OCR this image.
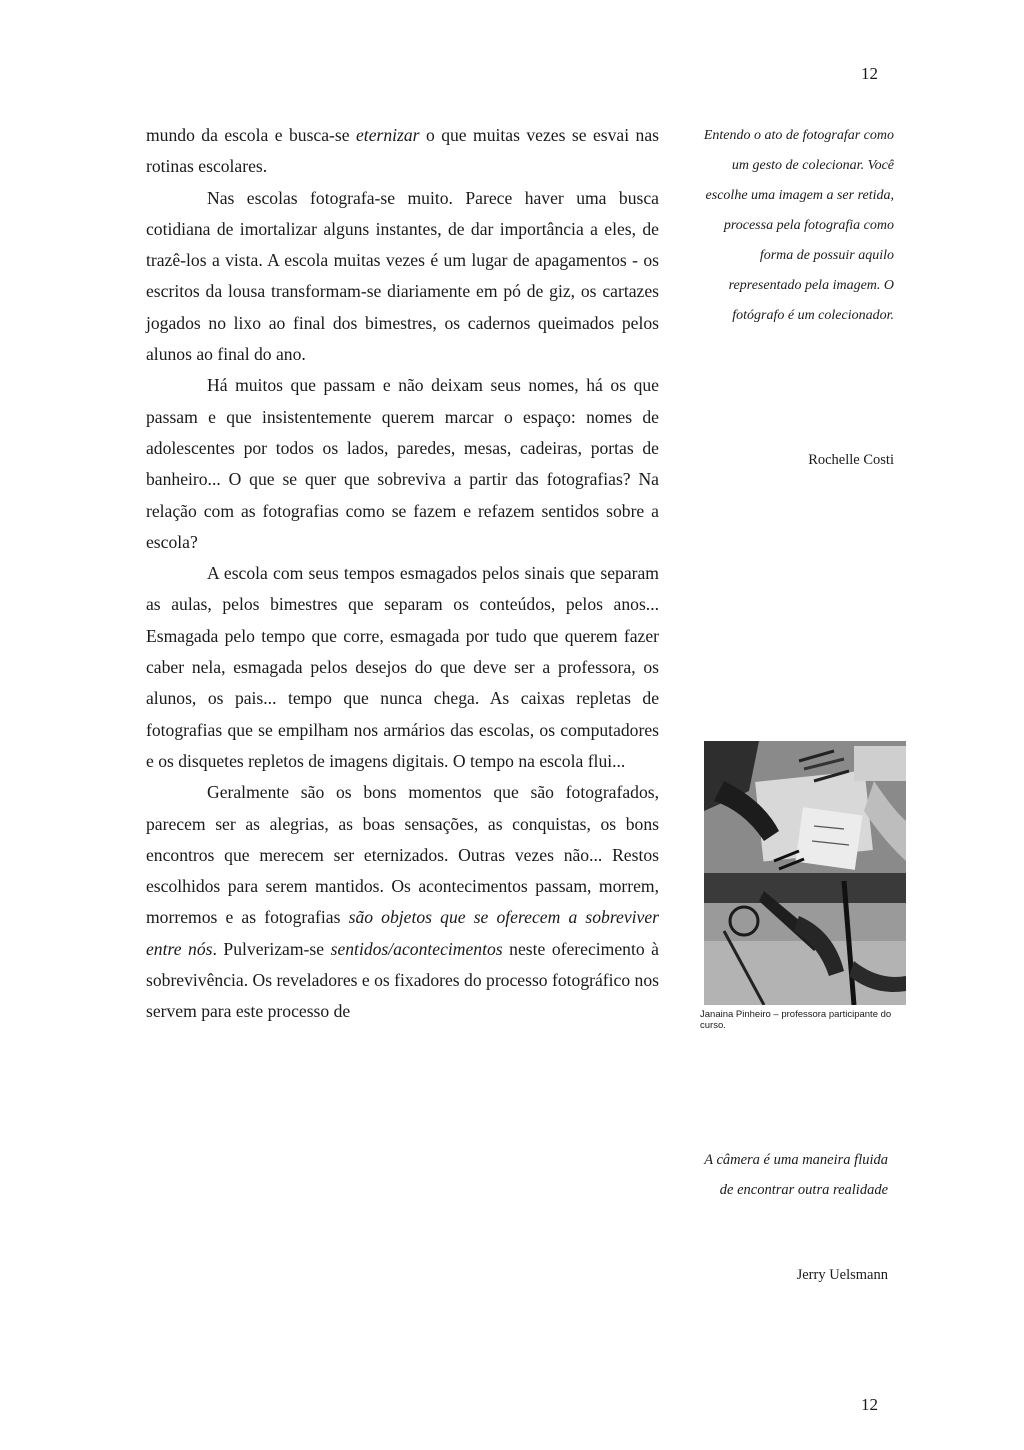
12

mundo da escola e busca-se eternizar o que muitas vezes se esvai nas rotinas escolares.

Nas escolas fotografa-se muito. Parece haver uma busca cotidiana de imortalizar alguns instantes, de dar importância a eles, de trazê-los a vista. A escola muitas vezes é um lugar de apagamentos - os escritos da lousa transformam-se diariamente em pó de giz, os cartazes jogados no lixo ao final dos bimestres, os cadernos queimados pelos alunos ao final do ano.

Há muitos que passam e não deixam seus nomes, há os que passam e que insistentemente querem marcar o espaço: nomes de adolescentes por todos os lados, paredes, mesas, cadeiras, portas de banheiro... O que se quer que sobreviva a partir das fotografias? Na relação com as fotografias como se fazem e refazem sentidos sobre a escola?

A escola com seus tempos esmagados pelos sinais que separam as aulas, pelos bimestres que separam os conteúdos, pelos anos... Esmagada pelo tempo que corre, esmagada por tudo que querem fazer caber nela, esmagada pelos desejos do que deve ser a professora, os alunos, os pais... tempo que nunca chega. As caixas repletas de fotografias que se empilham nos armários das escolas, os computadores e os disquetes repletos de imagens digitais. O tempo na escola flui...

Geralmente são os bons momentos que são fotografados, parecem ser as alegrias, as boas sensações, as conquistas, os bons encontros que merecem ser eternizados. Outras vezes não... Restos escolhidos para serem mantidos. Os acontecimentos passam, morrem, morremos e as fotografias são objetos que se oferecem a sobreviver entre nós. Pulverizam-se sentidos/acontecimentos neste oferecimento à sobrevivência. Os reveladores e os fixadores do processo fotográfico nos servem para este processo de

Entendo o ato de fotografar como um gesto de colecionar. Você escolhe uma imagem a ser retida, processa pela fotografia como forma de possuir aquilo representado pela imagem. O fotógrafo é um colecionador.
Rochelle Costi
Janaina Pinheiro – professora participante do curso.
A câmera é uma maneira fluida de encontrar outra realidade
Jerry Uelsmann
12
